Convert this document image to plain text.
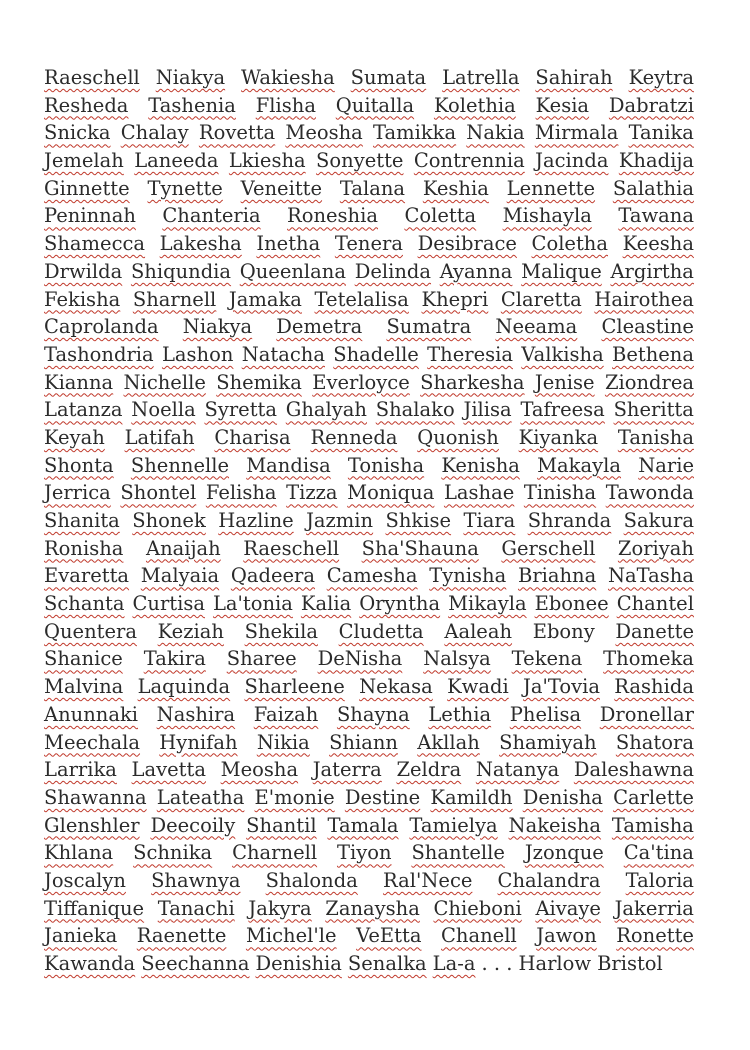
Raeschell Niakya Wakiesha Sumata Latrella Sahirah Keytra
Resheda Tashenia Flisha Quitalla Kolethia Kesia Dabratzi
Snicka Chalay Rovetta Meosha Tamikka Nakia Mirmala Tanika
Jemelah Laneeda Lkiesha Sonyette Contrennia Jacinda Khadija
Ginnette Tynette Veneitte Talana Keshia Lennette Salathia
Peninnah Chanteria Roneshia Coletta Mishayla Tawana
Shamecca Lakesha Inetha Tenera Desibrace Coletha Keesha
Drwilda Shiqundia Queenlana Delinda Ayanna Malique Argirtha
Fekisha Sharnell Jamaka Tetelalisa Khepri Claretta Hairothea
Caprolanda Niakya Demetra Sumatra Neeama Cleastine
Tashondria Lashon Natacha Shadelle Theresia Valkisha Bethena
Kianna Nichelle Shemika Everloyce Sharkesha Jenise Ziondrea
Latanza Noella Syretta Ghalyah Shalako Jilisa Tafreesa Sheritta
Keyah Latifah Charisa Renneda Quonish Kiyanka Tanisha
Shonta Shennelle Mandisa Tonisha Kenisha Makayla Narie
Jerrica Shontel Felisha Tizza Moniqua Lashae Tinisha Tawonda
Shanita Shonek Hazline Jazmin Shkise Tiara Shranda Sakura
Ronisha Anaijah Raeschell Sha'Shauna Gerschell Zoriyah
Evaretta Malyaia Qadeera Camesha Tynisha Briahna NaTasha
Schanta Curtisa La'tonia Kalia Oryntha Mikayla Ebonee Chantel
Quentera Keziah Shekila Cludetta Aaleah Ebony Danette
Shanice Takira Sharee DeNisha Nalsya Tekena Thomeka
Malvina Laquinda Sharleene Nekasa Kwadi Ja'Tovia Rashida
Anunnaki Nashira Faizah Shayna Lethia Phelisa Dronellar
Meechala Hynifah Nikia Shiann Akllah Shamiyah Shatora
Larrika Lavetta Meosha Jaterra Zeldra Natanya Daleshawna
Shawanna Lateatha E'monie Destine Kamildh Denisha Carlette
Glenshler Deecoily Shantil Tamala Tamielya Nakeisha Tamisha
Khlana Schnika Charnell Tiyon Shantelle Jzonque Ca'tina
Joscalyn Shawnya Shalonda Ral'Nece Chalandra Taloria
Tiffanique Tanachi Jakyra Zanaysha Chieboni Aivaye Jakerria
Janieka Raenette Michel'le VeEtta Chanell Jawon Ronette
Kawanda Seechanna Denishia Senalka La-a . . . Harlow Bristol
